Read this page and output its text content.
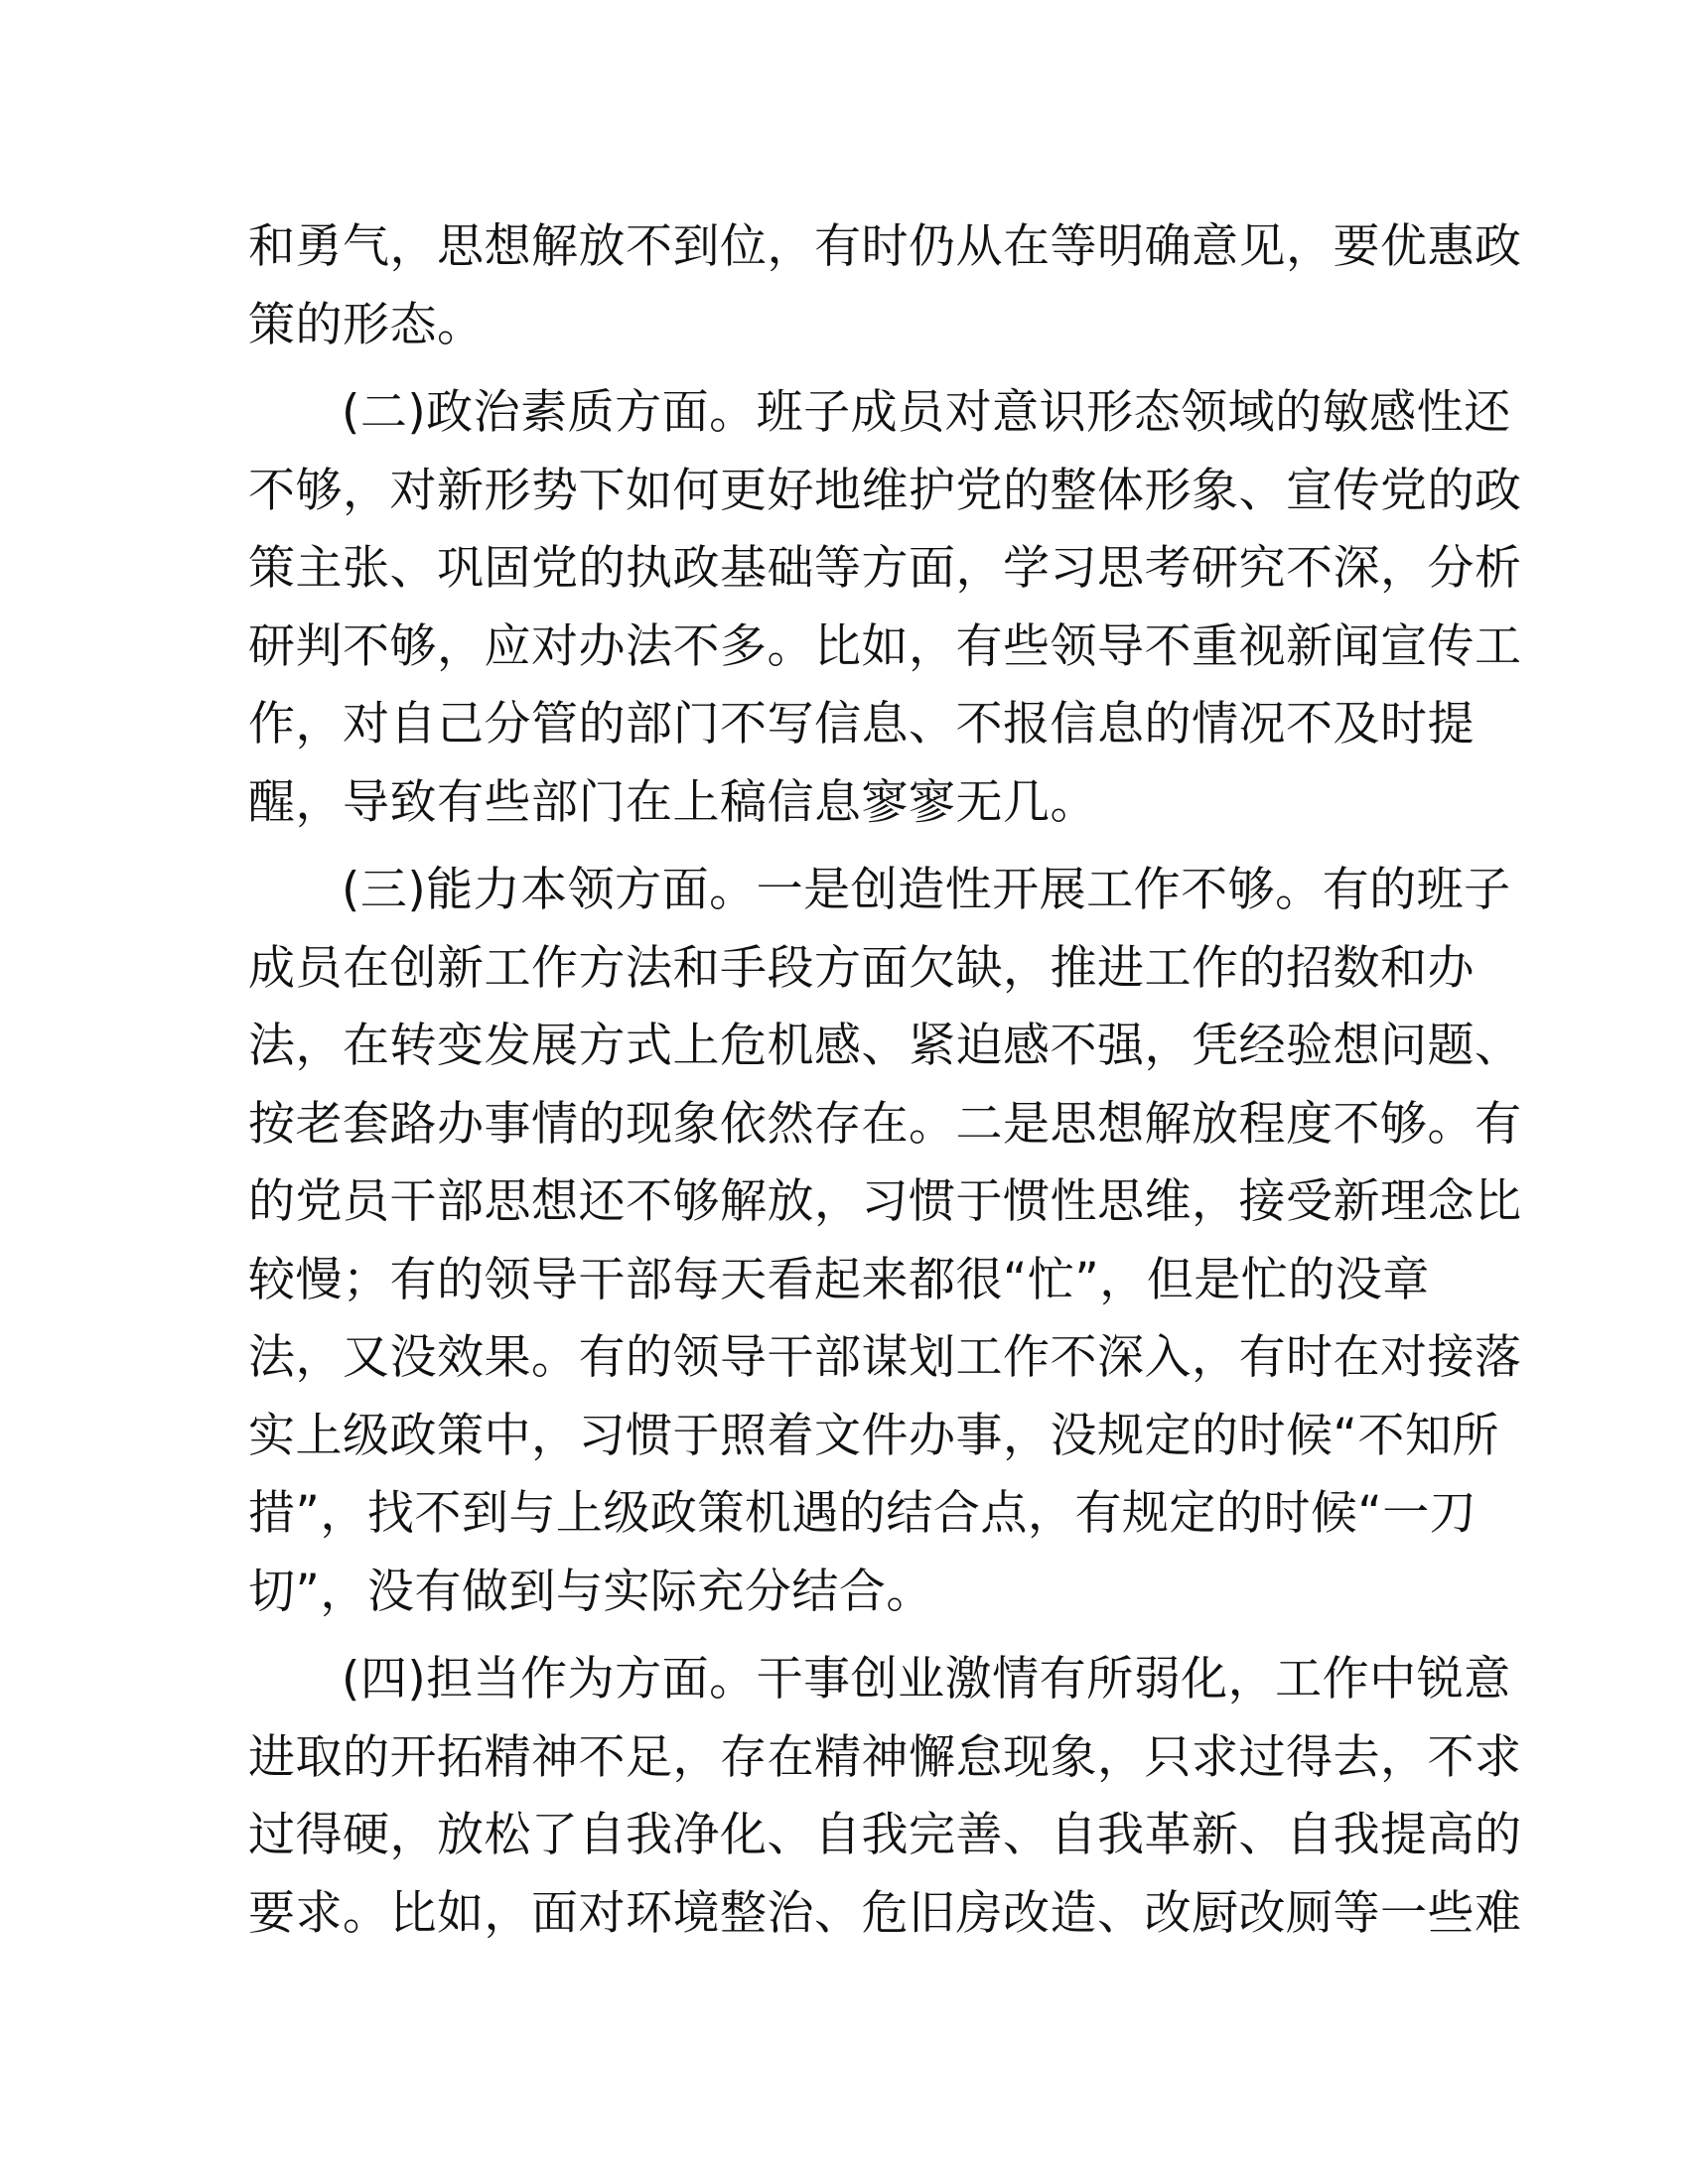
和勇气，思想解放不到位，有时仍从在等明确意见，要优惠政
策的形态。

(二)政治素质方面。班子成员对意识形态领域的敏感性还
不够，对新形势下如何更好地维护党的整体形象、宣传党的政
策主张、巩固党的执政基础等方面，学习思考研究不深，分析
研判不够，应对办法不多。比如，有些领导不重视新闻宣传工
作，对自己分管的部门不写信息、不报信息的情况不及时提
醒，导致有些部门在上稿信息寥寥无几。

(三)能力本领方面。一是创造性开展工作不够。有的班子
成员在创新工作方法和手段方面欠缺，推进工作的招数和办
法，在转变发展方式上危机感、紧迫感不强，凭经验想问题、
按老套路办事情的现象依然存在。二是思想解放程度不够。有
的党员干部思想还不够解放，习惯于惯性思维，接受新理念比
较慢；有的领导干部每天看起来都很“忙”，但是忙的没章
法，又没效果。有的领导干部谋划工作不深入，有时在对接落
实上级政策中，习惯于照着文件办事，没规定的时候“不知所
措”，找不到与上级政策机遇的结合点，有规定的时候“一刀
切”，没有做到与实际充分结合。

(四)担当作为方面。干事创业激情有所弱化，工作中锐意
进取的开拓精神不足，存在精神懈怠现象，只求过得去，不求
过得硬，放松了自我净化、自我完善、自我革新、自我提高的
要求。比如，面对环境整治、危旧房改造、改厨改厕等一些难
